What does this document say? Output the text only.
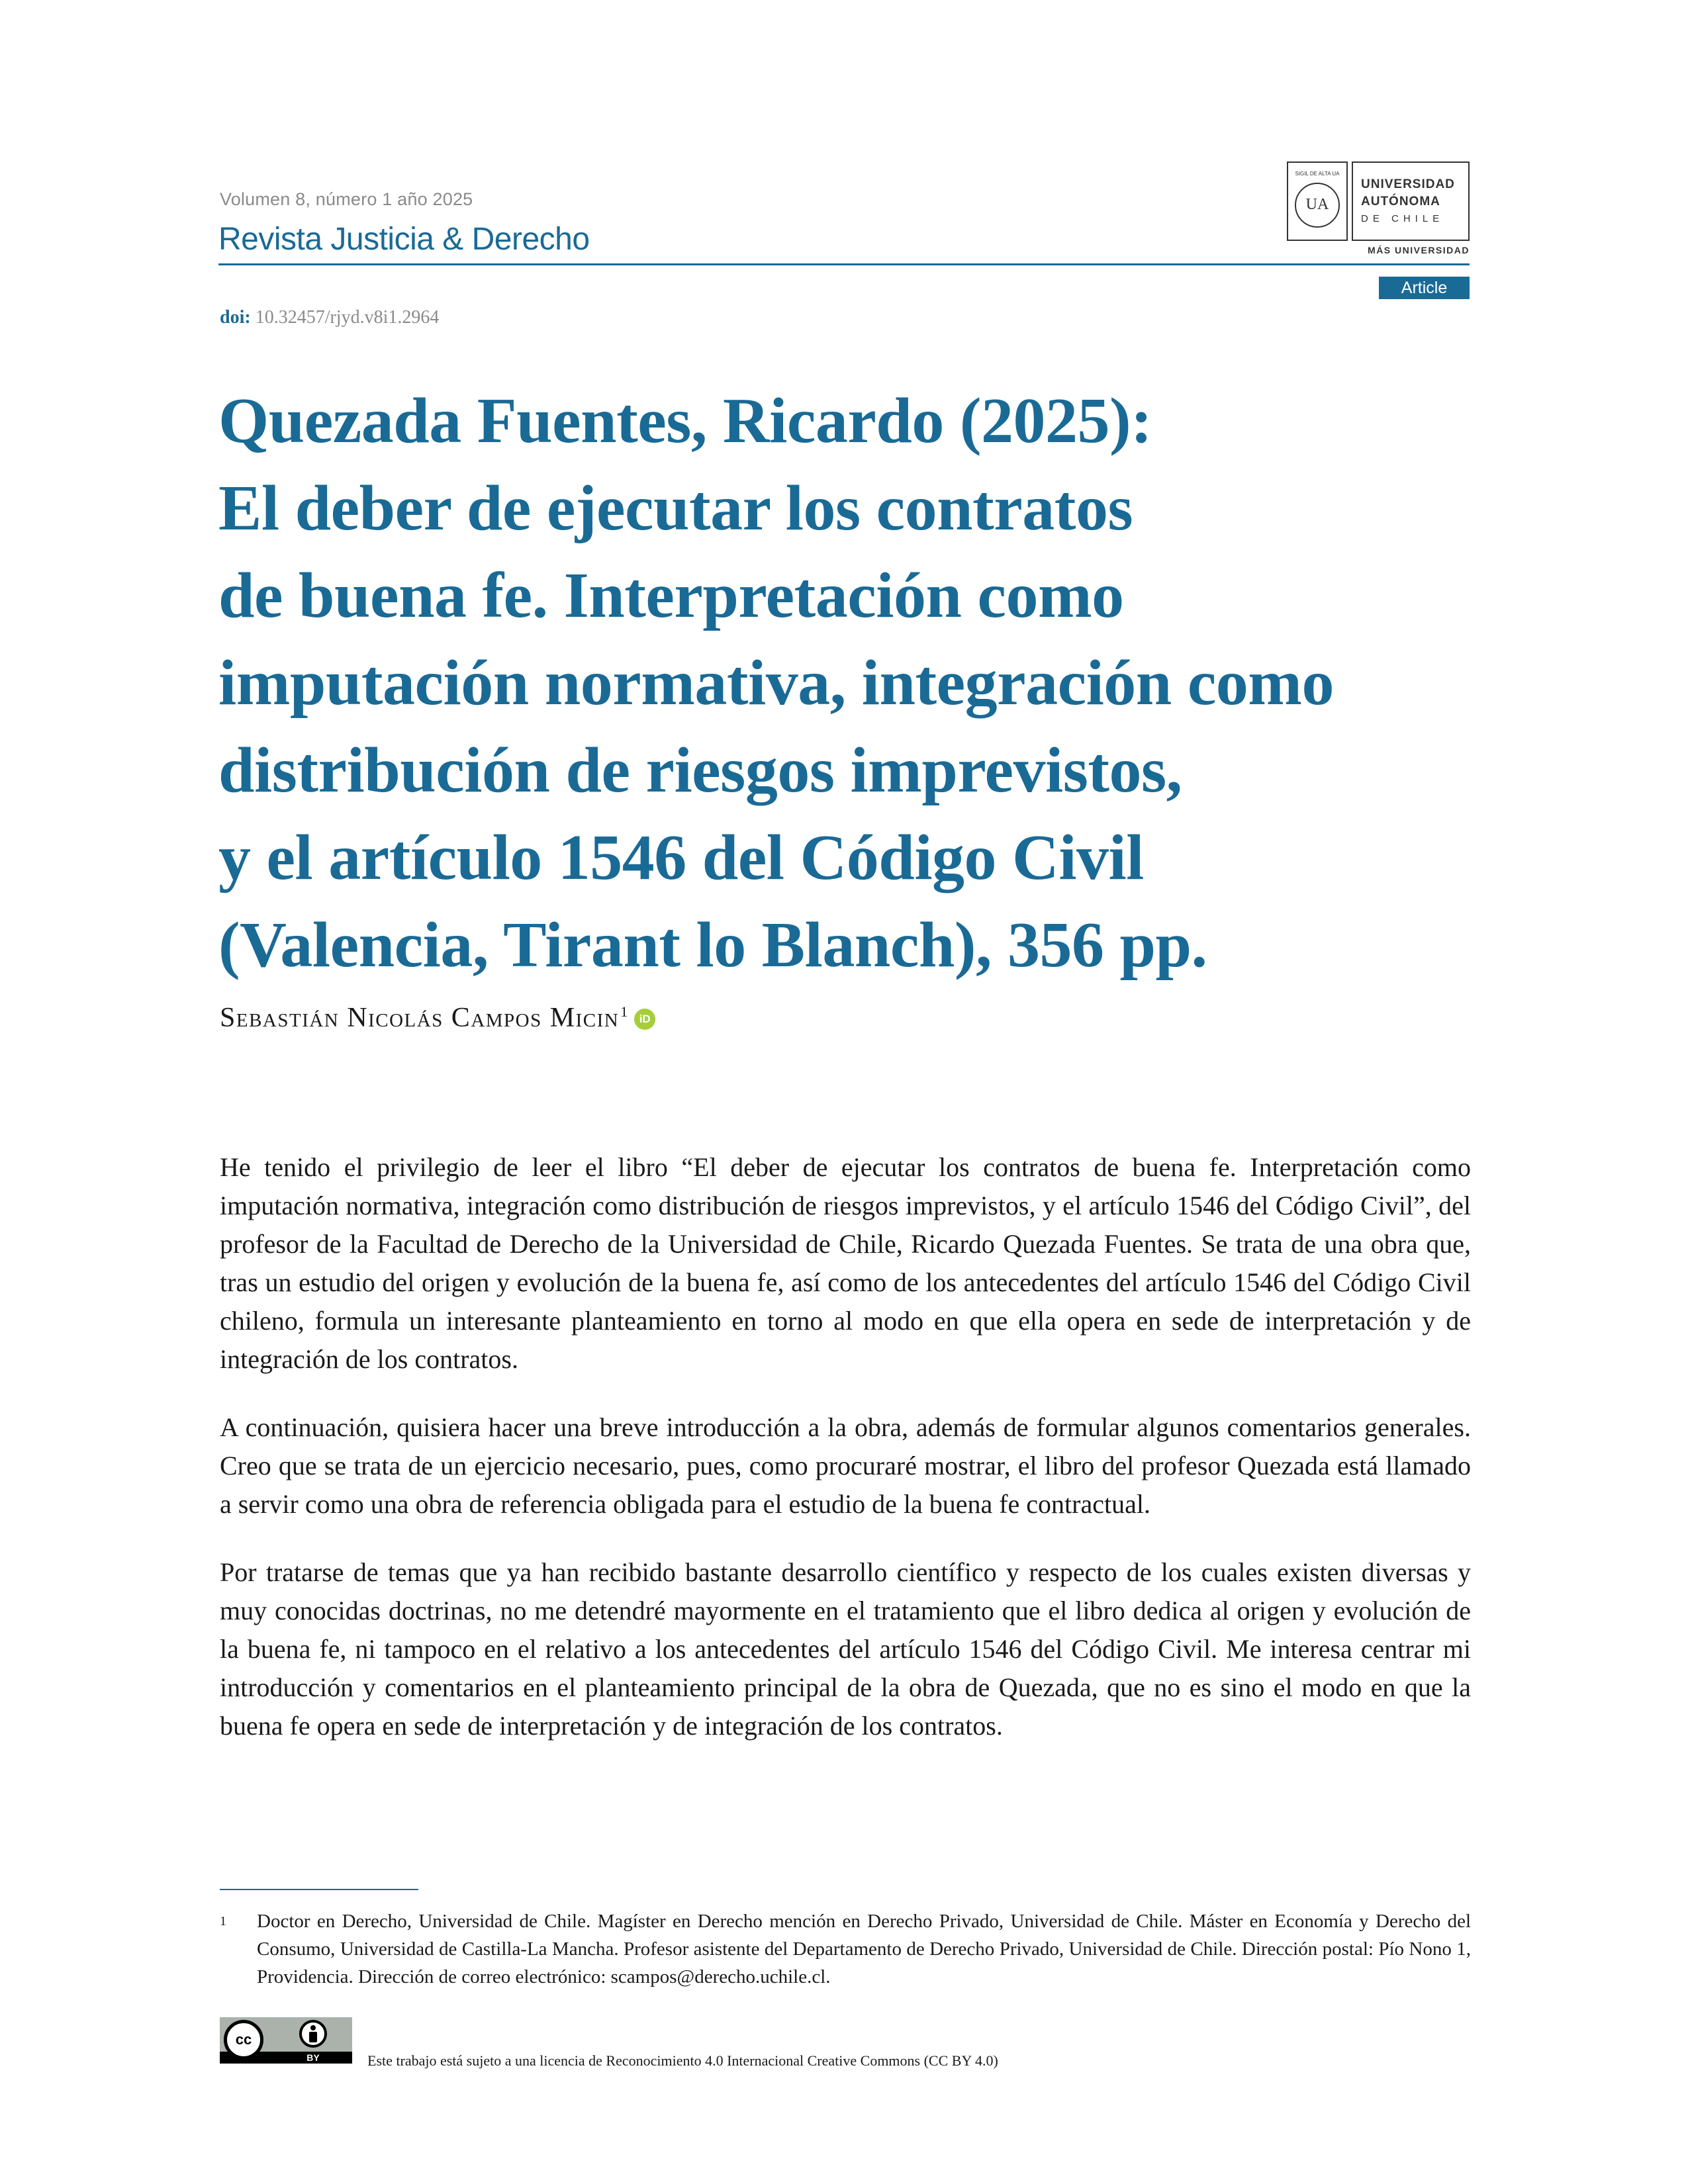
Volumen 8, número 1 año 2025
Revista Justicia & Derecho
SIGIL DE ALTA UA
UA
UNIVERSIDAD
AUTÓNOMA
DE CHILE
MÁS UNIVERSIDAD
Article
doi: 10.32457/rjyd.v8i1.2964
Quezada Fuentes, Ricardo (2025):
El deber de ejecutar los contratos
de buena fe. Interpretación como
imputación normativa, integración como
distribución de riesgos imprevistos,
y el artículo 1546 del Código Civil
(Valencia, Tirant lo Blanch), 356 pp.
Sebastián Nicolás Campos Micin$^1$ iD

He tenido el privilegio de leer el libro “El deber de ejecutar los contratos de buena fe. Interpretación como imputación normativa, integración como distribución de riesgos imprevistos, y el artículo 1546 del Código Civil”, del profesor de la Facultad de Derecho de la Universidad de Chile, Ricardo Quezada Fuentes. Se trata de una obra que, tras un estudio del origen y evolución de la buena fe, así como de los antecedentes del artículo 1546 del Código Civil chileno, formula un interesante planteamiento en torno al modo en que ella opera en sede de interpretación y de integración de los contratos.

A continuación, quisiera hacer una breve introducción a la obra, además de formular algunos comentarios generales. Creo que se trata de un ejercicio necesario, pues, como procuraré mostrar, el libro del profesor Quezada está llamado a servir como una obra de referencia obligada para el estudio de la buena fe contractual.

Por tratarse de temas que ya han recibido bastante desarrollo científico y respecto de los cuales existen diversas y muy conocidas doctrinas, no me detendré mayormente en el tratamiento que el libro dedica al origen y evolución de la buena fe, ni tampoco en el relativo a los antecedentes del artículo 1546 del Código Civil. Me interesa centrar mi introducción y comentarios en el planteamiento principal de la obra de Quezada, que no es sino el modo en que la buena fe opera en sede de interpretación y de integración de los contratos.

1 Doctor en Derecho, Universidad de Chile. Magíster en Derecho mención en Derecho Privado, Universidad de Chile. Máster en Economía y Derecho del Consumo, Universidad de Castilla-La Mancha. Profesor asistente del Departamento de Derecho Privado, Universidad de Chile. Dirección postal: Pío Nono 1, Providencia. Dirección de correo electrónico: scampos@derecho.uchile.cl.
cc
BY	Este trabajo está sujeto a una licencia de Reconocimiento 4.0 Internacional Creative Commons (CC BY 4.0)
